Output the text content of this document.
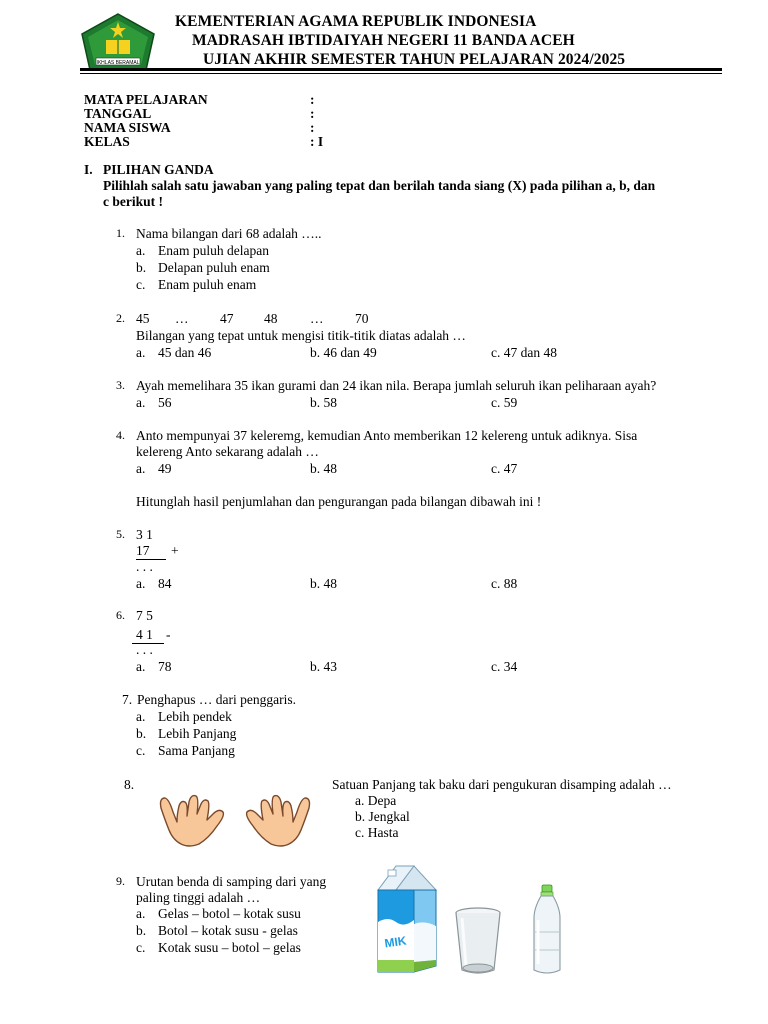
IKHLAS BERAMAL
KEMENTERIAN AGAMA REPUBLIK INDONESIA
MADRASAH IBTIDAIYAH NEGERI 11 BANDA ACEH
UJIAN AKHIR SEMESTER TAHUN PELAJARAN 2024/2025
MATA PELAJARAN	:
TANGGAL	:
NAMA SISWA	:
KELAS	: I
I. PILIHAN GANDA
Pilihlah salah satu jawaban yang paling tepat dan berilah tanda siang (X) pada pilihan a, b, dan
c berikut !
1. Nama bilangan dari 68 adalah …..
a. Enam puluh delapan
b. Delapan puluh enam
c. Enam puluh enam
2. 45 … 47 48 … 70
Bilangan yang tepat untuk mengisi titik-titik diatas adalah …
a. 45 dan 46	b. 46 dan 49	c. 47 dan 48
3. Ayah memelihara 35 ikan gurami dan 24 ikan nila. Berapa jumlah seluruh ikan peliharaan ayah?
a. 56	b. 58	c. 59
4. Anto mempunyai 37 keleremg, kemudian Anto memberikan 12 kelereng untuk adiknya. Sisa
kelereng Anto sekarang adalah …
a. 49	b. 48	c. 47
Hitunglah hasil penjumlahan dan pengurangan pada bilangan dibawah ini !
5. 3 1
17	+
. . .
a. 84	b. 48	c. 88
6. 7 5
4 1 -
. . .
a. 78	b. 43	c. 34
7. Penghapus … dari penggaris.
a. Lebih pendek
b. Lebih Panjang
c. Sama Panjang
8.	Satuan Panjang tak baku dari pengukuran disamping adalah …
a. Depa
b. Jengkal
c. Hasta
9. Urutan benda di samping dari yang
paling tinggi adalah …
a. Gelas – botol – kotak susu
b. Botol – kotak susu - gelas
c. Kotak susu – botol – gelas	MIK
